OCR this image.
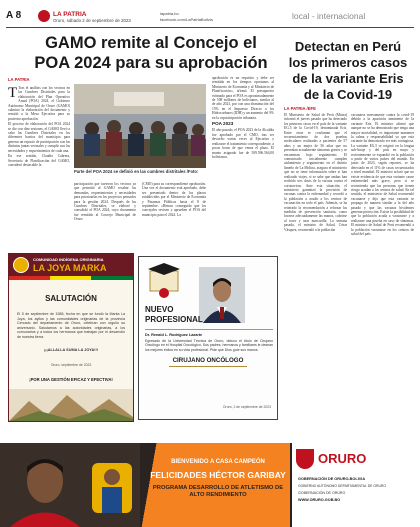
A 8	LA PATRIA
Oruro, sábado 2 de septiembre de 2023
lapatria.bo
facebook.com/LaPatriaBolivia	local - internacional
GAMO remite al Concejo el
POA 2024 para su aprobación
LA PATRIA

T Tras el análisis con los vecinos en las Cumbres Distritales para la elaboración del Plan Operativo Anual (POA) 2024, el Gobierno Autónomo Municipal de Oruro (GAMO) culminó la elaboración del documento y remitió a la Mesa Ejecutiva para su posterior aprobación.

El proceso de elaboración del POA 2024 se dio con diez sesiones, el GAMO llevó a cabo las Cumbres Distritales en los diferentes barrios del municipio para generar un espacio de participación con las distintas juntas vecinales y cumplir con las necesidades y requerimientos de cada una.

En ese sentido, Claudio Cabrera, Secretario de Planificación del GAMO, consideró destacable la

Parte del POA 2024 se definió en las cumbres distritales /Foto:
participación que tuvieron los vecinos ya que permitió al GAMO recabar las demandas, requerimientos y necesidades para priorizarlas en los proyectos pensados para la gestión 2024. Después de las Cumbres Distritales, se elaboró y consolidó el POA 2024, cuyo documento fue remitido al Concejo Municipal de Oruro
(CMO) para su correspondiente aprobación. Una vez el documento está aprobado, debe ser presentado dentro de los plazos establecidos por el Ministerio de Economía y Finanzas Públicas hasta el 8 de septiembre. «Hemos conseguido que los concejales revisen y aprueben el POA del municipio para el 2024. La

aprobación es un requisito y debe ser remitida en los tiempos oportunos al Ministerio de Economía y al Ministerio de Planificación», afirmó. El presupuesto estimado para el POA es aproximadamente de 508 millones de bolivianos, similar al de año 2023, por con una disminución del 15% en el Impuesto Directo a los Hidrocarburos (IDH) y un aumento del 9% en la coparticipación tributaria.

POA 2023

El año pasado, el POA 2023 de la Alcaldía fue aprobado por el CMO, tras ser devuelto varias veces al Ejecutivo y realizarse el tratamiento correspondiente, a pocas horas de que venza el plazo. El monto asignado fue de 509.596.564,00 bolivianos.

COMUNIDAD INDÍGENA ORIGINARIA
LA JOYA MARKA
SALUTACIÓN
El 5 de septiembre de 1585, fecha en que se fundó la Marka La Joya, los ayllus y las comunidades originarias de la provincia Cercado del departamento de Oruro, celebran con orgullo su aniversario. Saludamos a las autoridades originarias, a los comunarios y a todos los hermanos que trabajan por el desarrollo de nuestra tierra.
¡¡¡ALLALLA SUMA LA JOYA!!!
Oruro, septiembre de 2023
¡POR UNA GESTIÓN EFICAZ Y EFECTIVA!
NUEVO
PROFESIONAL
Dr. Renald L. Rodríguez Lazarte
Egresado de la Universidad Técnica de Oruro, obtuvo el título de Cirujano Oncólogo en el Hospital Oncológico. Sus padres, hermanos y familiares le desean los mejores éxitos en su vida profesional. Pide que Dios guíe sus manos.
CIRUJANO ONCÓLOGO
Oruro, 2 de septiembre de 2023
Detectan en Perú
los primeros casos
de la variante Eris
de la Covid-19
LA PATRIA /EFE
El Ministerio de Salud de Perú (Minsa) informó el jueves pasado que ha detectado los primeros casos en el país de la variante EG.5 de la Covid-19, denominada Eris. Entre otras se confirman que el secuenciamiento de dos pruebas moleculares realizadas a pacientes de 57 años y un mujer de 56 años que no presentan actualmente síntomas graves y se encuentran bajo seguimiento. El comunicado inicialmente cumplen aislamiento y seguimiento en el distrito limeño de La Molina, asegura el ministerio que no se tiene información sobre si han realizado viajes, si se sabe que ambas han recibido tres dosis de la vacuna contra el coronavirus. Ante esta situación, el ministerio garantizó la provisión de vacunas contra la enfermedad y recordó a la población a acudir a los centros de vacunación en todo el país. Además, se ha reiterado la recomendación a reforzar las medidas de prevención sanitaria, como lavarse adecuadamente las manos, cubrirse al toser y usar mascarilla. La semana pasada, el ministro de Salud, César Vásquez, recomendó a la población
vacunarse nuevamente contra la covid-19 debido a la aparición inminente de la variante Eris. El ministro afirmó que aunque no se ha demostrado que tenga una mayor mortalidad, es importante mantener la calma y responsabilidad ya que esta variante ha demostrado ser más contagiosa. La variante EG.5 se originó en la lengua sub-linaje y del país en mayo y recientemente se expandió en la población a partir de varios países del mundo. En junio de 2023, según reportes, se ha detectado en el 11% de casos secuenciados a nivel mundial. El ministro aclaró que no existe evidencia de que esta variante cause enfermedad más grave, pero sí se recomienda que las personas que tienen riesgo acudan a los centros de salud. En tal sentido, el ministerio de Salud recomendó vacunarse y dijo que esta variante se propaga de manera similar a la del año pasado y que las vacunas bivalentes generan protección. Existe la posibilidad de que la población acuda a vacunarse y a realizarse una prueba en caso de síntomas. El ministro de Salud de Perú recomendó a la población vacunarse en los centros de salud del país.
BIENVENIDO A CASA CAMPEÓN
FELICIDADES HÉCTOR GARIBAY
PROGRAMA DESARROLLO DE ATLETISMO DE ALTO RENDIMIENTO
ORURO
GOBERNACIÓN DE ORURO-BOLIVIA
GOBIERNO AUTÓNOMO DEPARTAMENTAL DE ORURO
GOBERNACIÓN DE ORURO
WWW.ORURO.GOB.BO
